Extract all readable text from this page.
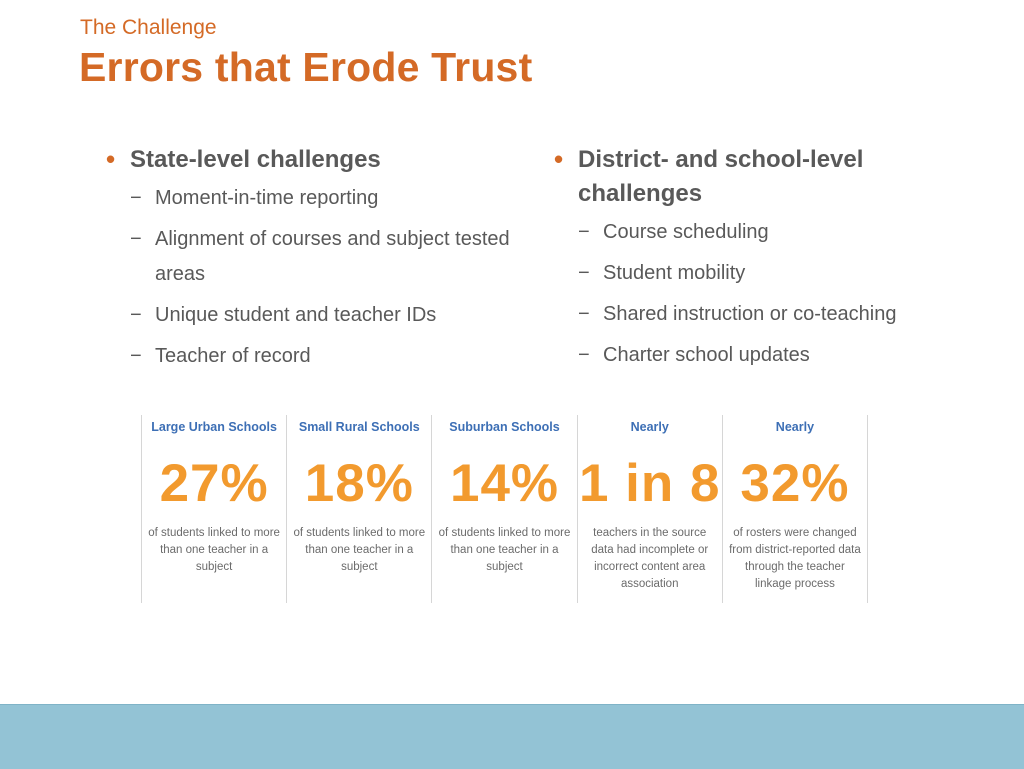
The Challenge
Errors that Erode Trust
• State-level challenges
− Moment-in-time reporting
− Alignment of courses and subject tested areas
− Unique student and teacher IDs
− Teacher of record
• District- and school-level challenges
− Course scheduling
− Student mobility
− Shared instruction or co-teaching
− Charter school updates
Large Urban Schools
27%
of students linked to more than one teacher in a subject
Small Rural Schools
18%
of students linked to more than one teacher in a subject
Suburban Schools
14%
of students linked to more than one teacher in a subject
Nearly
1 in 8
teachers in the source data had incomplete or incorrect content area association
Nearly
32%
of rosters were changed from district-reported data through the teacher linkage process
